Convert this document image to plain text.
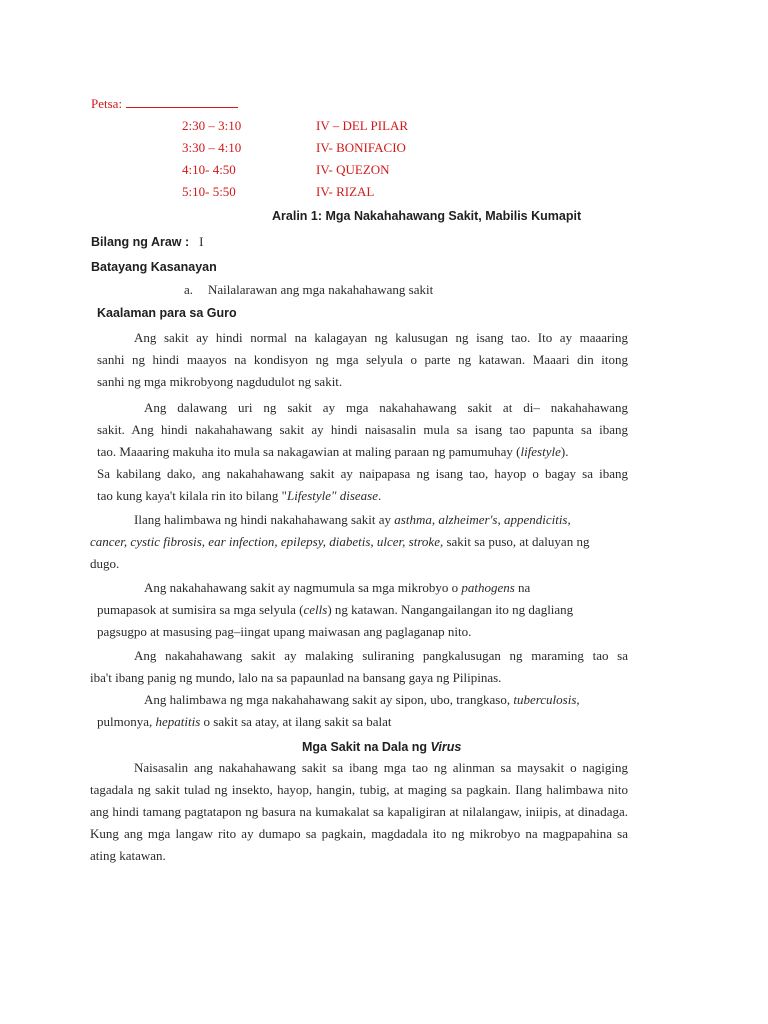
Petsa:
2:30 – 3:10	IV – DEL PILAR
3:30 – 4:10	IV- BONIFACIO
4:10- 4:50	IV- QUEZON
5:10- 5:50	IV- RIZAL
Aralin 1: Mga Nakahahawang Sakit, Mabilis Kumapit
Bilang ng Araw : I
Batayang Kasanayan
a. Nailalarawan ang mga nakahahawang sakit
Kaalaman para sa Guro
Ang sakit ay hindi normal na kalagayan ng kalusugan ng isang tao. Ito ay maaaring
sanhi ng hindi maayos na kondisyon ng mga selyula o parte ng katawan. Maaari din itong
sanhi ng mga mikrobyong nagdudulot ng sakit.
Ang dalawang uri ng sakit ay mga nakahahawang sakit at di– nakahahawang
sakit. Ang hindi nakahahawang sakit ay hindi naisasalin mula sa isang tao papunta sa ibang
tao. Maaaring makuha ito mula sa nakagawian at maling paraan ng pamumuhay (lifestyle).
Sa kabilang dako, ang nakahahawang sakit ay naipapasa ng isang tao, hayop o bagay sa ibang
tao kung kaya't kilala rin ito bilang "Lifestyle" disease.
Ilang halimbawa ng hindi nakahahawang sakit ay asthma, alzheimer's, appendicitis,
cancer, cystic fibrosis, ear infection, epilepsy, diabetis, ulcer, stroke, sakit sa puso, at daluyan ng
dugo.
Ang nakahahawang sakit ay nagmumula sa mga mikrobyo o pathogens na
pumapasok at sumisira sa mga selyula (cells) ng katawan. Nangangailangan ito ng dagliang
pagsugpo at masusing pag–iingat upang maiwasan ang paglaganap nito.
Ang nakahahawang sakit ay malaking suliraning pangkalusugan ng maraming tao sa
iba't ibang panig ng mundo, lalo na sa papaunlad na bansang gaya ng Pilipinas.
Ang halimbawa ng mga nakahahawang sakit ay sipon, ubo, trangkaso, tuberculosis,
pulmonya, hepatitis o sakit sa atay, at ilang sakit sa balat
Mga Sakit na Dala ng Virus
Naisasalin ang nakahahawang sakit sa ibang mga tao ng alinman sa maysakit o nagiging
tagadala ng sakit tulad ng insekto, hayop, hangin, tubig, at maging sa pagkain. Ilang halimbawa nito
ang hindi tamang pagtatapon ng basura na kumakalat sa kapaligiran at nilalangaw, iniipis, at dinadaga.
Kung ang mga langaw rito ay dumapo sa pagkain, magdadala ito ng mikrobyo na magpapahina sa
ating katawan.
